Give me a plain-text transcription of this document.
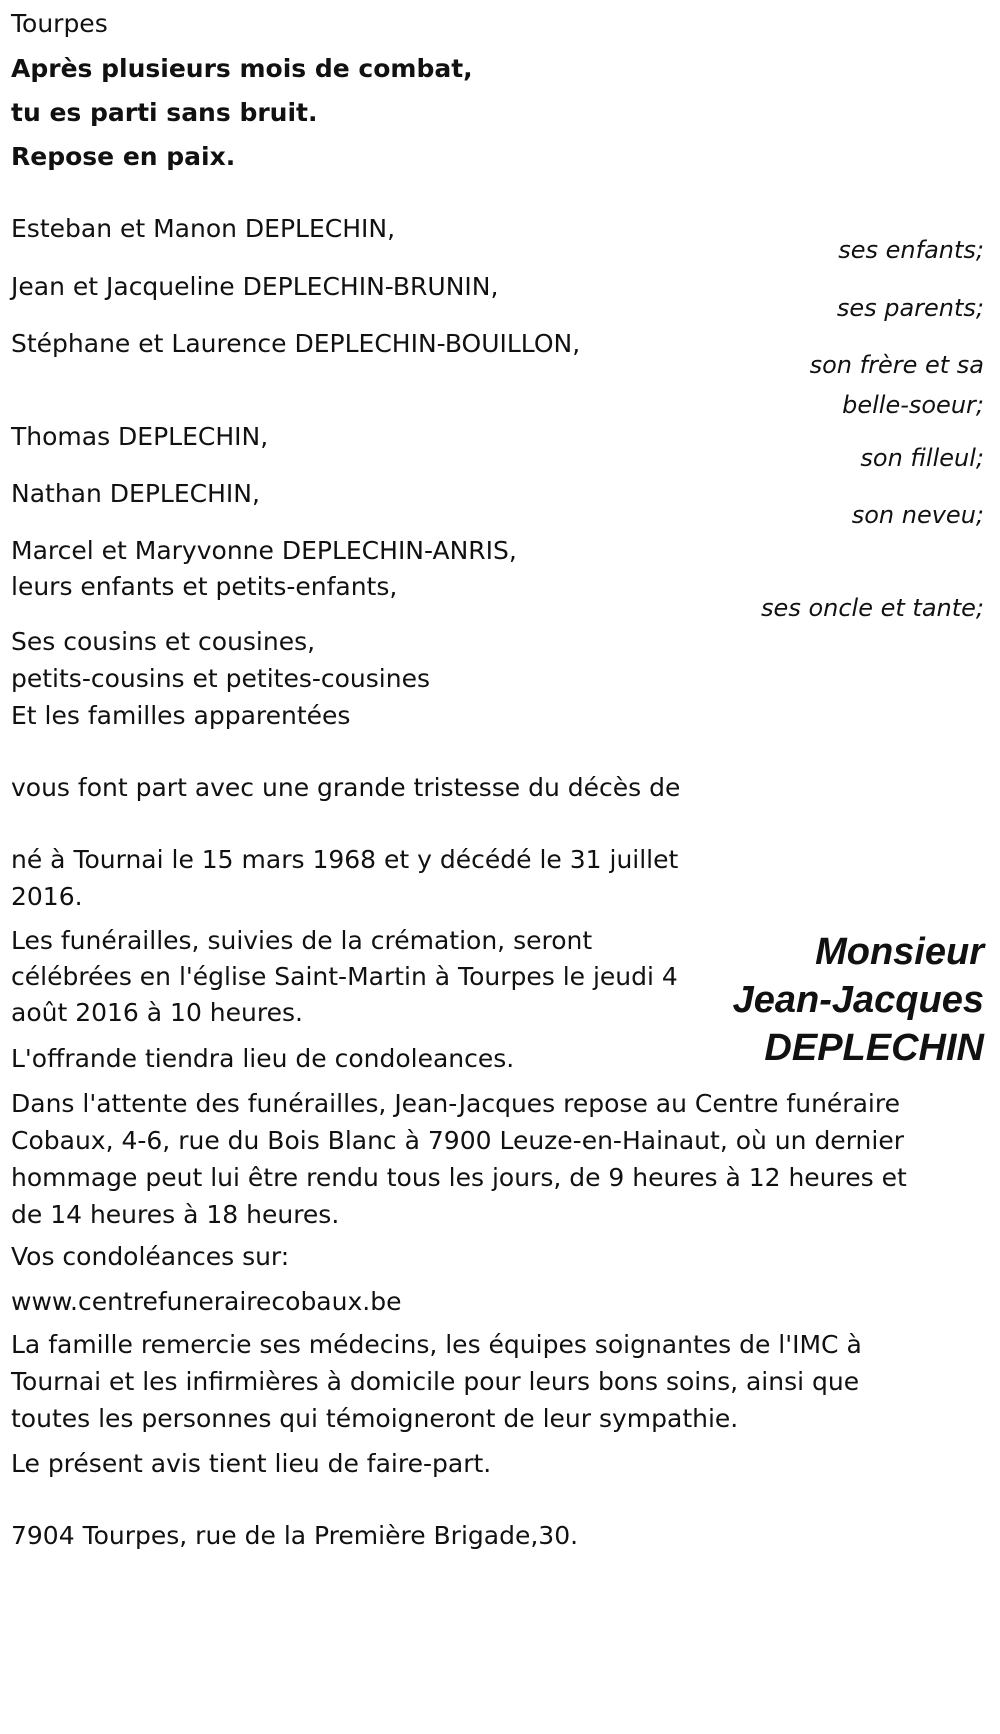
Tourpes
Après plusieurs mois de combat,
tu es parti sans bruit.
Repose en paix.
Esteban et Manon DEPLECHIN,
ses enfants;
Jean et Jacqueline DEPLECHIN-BRUNIN,
ses parents;
Stéphane et Laurence DEPLECHIN-BOUILLON,
son frère et sa
belle-soeur;
Thomas DEPLECHIN,
son filleul;
Nathan DEPLECHIN,
son neveu;
Marcel et Maryvonne DEPLECHIN-ANRIS,
leurs enfants et petits-enfants,
ses oncle et tante;
Ses cousins et cousines,
petits-cousins et petites-cousines
Et les familles apparentées
vous font part avec une grande tristesse du décès de
Monsieur
Jean-Jacques
DEPLECHIN
né à Tournai le 15 mars 1968 et y décédé le 31 juillet
2016.
Les funérailles, suivies de la crémation, seront
célébrées en l'église Saint-Martin à Tourpes le jeudi 4
août 2016 à 10 heures.
L'offrande tiendra lieu de condoleances.
Dans l'attente des funérailles, Jean-Jacques repose au Centre funéraire
Cobaux, 4-6, rue du Bois Blanc à 7900 Leuze-en-Hainaut, où un dernier
hommage peut lui être rendu tous les jours, de 9 heures à 12 heures et
de 14 heures à 18 heures.
Vos condoléances sur:
www.centrefunerairecobaux.be
La famille remercie ses médecins, les équipes soignantes de l'IMC à
Tournai et les infirmières à domicile pour leurs bons soins, ainsi que
toutes les personnes qui témoigneront de leur sympathie.
Le présent avis tient lieu de faire-part.
7904 Tourpes, rue de la Première Brigade,30.
